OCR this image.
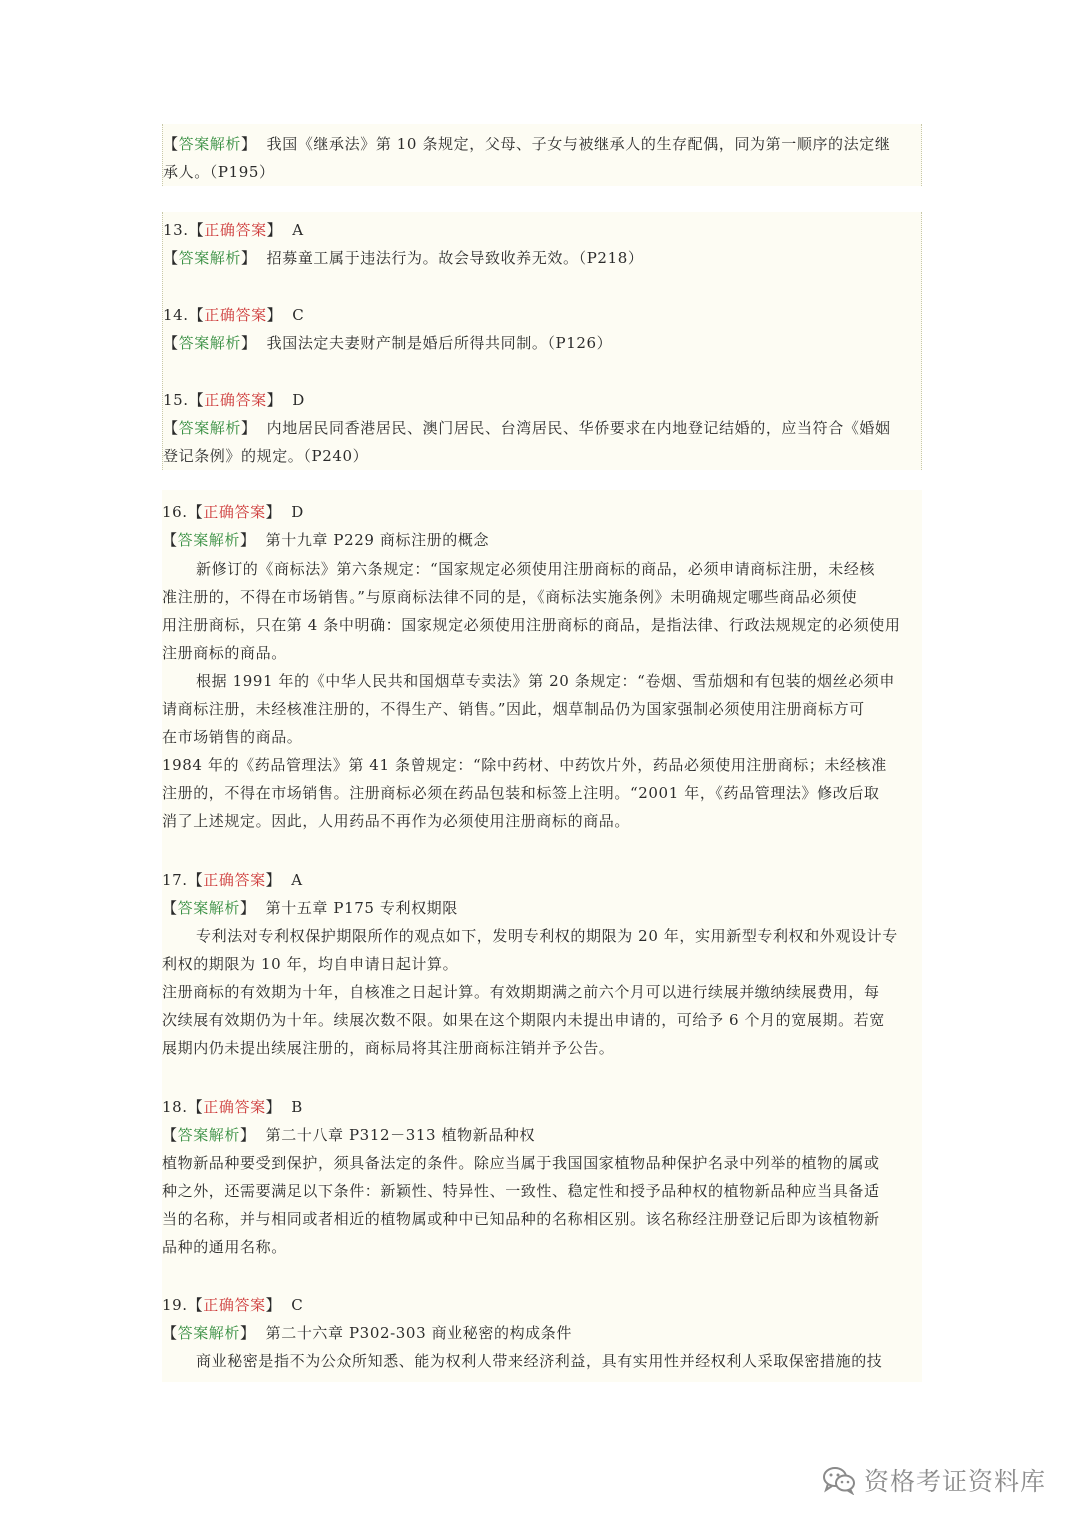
【答案解析】 我国《继承法》第 10 条规定，父母、子女与被继承人的生存配偶，同为第一顺序的法定继
承人。（P195）
13.【正确答案】 A
【答案解析】 招募童工属于违法行为。故会导致收养无效。（P218）
14.【正确答案】 C
【答案解析】 我国法定夫妻财产制是婚后所得共同制。（P126）
15.【正确答案】 D
【答案解析】 内地居民同香港居民、澳门居民、台湾居民、华侨要求在内地登记结婚的，应当符合《婚姻
登记条例》的规定。（P240）
16.【正确答案】 D
【答案解析】 第十九章 P229 商标注册的概念
新修订的《商标法》第六条规定：“国家规定必须使用注册商标的商品，必须申请商标注册，未经核
准注册的，不得在市场销售。”与原商标法律不同的是，《商标法实施条例》未明确规定哪些商品必须使
用注册商标，只在第 4 条中明确：国家规定必须使用注册商标的商品，是指法律、行政法规规定的必须使用
注册商标的商品。
根据 1991 年的《中华人民共和国烟草专卖法》第 20 条规定：“卷烟、雪茄烟和有包装的烟丝必须申
请商标注册，未经核准注册的，不得生产、销售。”因此，烟草制品仍为国家强制必须使用注册商标方可
在市场销售的商品。
1984 年的《药品管理法》第 41 条曾规定：“除中药材、中药饮片外，药品必须使用注册商标；未经核准
注册的，不得在市场销售。注册商标必须在药品包装和标签上注明。“2001 年，《药品管理法》修改后取
消了上述规定。因此，人用药品不再作为必须使用注册商标的商品。
17.【正确答案】 A
【答案解析】 第十五章 P175 专利权期限
专利法对专利权保护期限所作的观点如下，发明专利权的期限为 20 年，实用新型专利权和外观设计专
利权的期限为 10 年，均自申请日起计算。
注册商标的有效期为十年，自核准之日起计算。有效期期满之前六个月可以进行续展并缴纳续展费用，每
次续展有效期仍为十年。续展次数不限。如果在这个期限内未提出申请的，可给予 6 个月的宽展期。若宽
展期内仍未提出续展注册的，商标局将其注册商标注销并予公告。
18.【正确答案】 B
【答案解析】 第二十八章 P312－313 植物新品种权
植物新品种要受到保护，须具备法定的条件。除应当属于我国国家植物品种保护名录中列举的植物的属或
种之外，还需要满足以下条件：新颖性、特异性、一致性、稳定性和授予品种权的植物新品种应当具备适
当的名称，并与相同或者相近的植物属或种中已知品种的名称相区别。该名称经注册登记后即为该植物新
品种的通用名称。
19.【正确答案】 C
【答案解析】 第二十六章 P302-303 商业秘密的构成条件
商业秘密是指不为公众所知悉、能为权利人带来经济利益，具有实用性并经权利人采取保密措施的技
资格考证资料库
